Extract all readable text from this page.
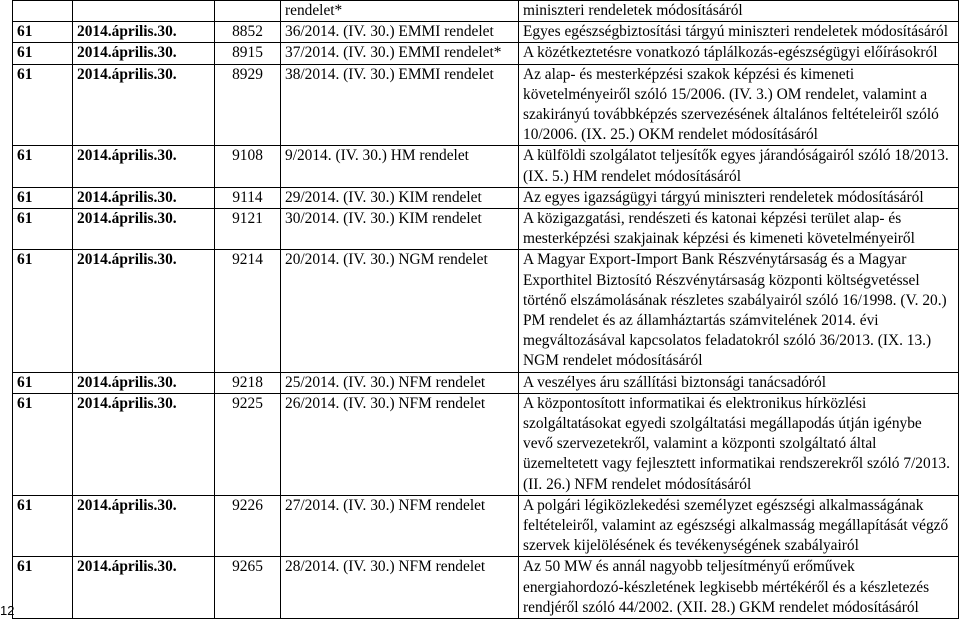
			rendelet*	miniszteri rendeletek módosításáról
61	2014.április.30.	8852	36/2014. (IV. 30.) EMMI rendelet	Egyes egészségbiztosítási tárgyú miniszteri rendeletek módosításáról
61	2014.április.30.	8915	37/2014. (IV. 30.) EMMI rendelet*	A közétkeztetésre vonatkozó táplálkozás-egészségügyi előírásokról
61	2014.április.30.	8929	38/2014. (IV. 30.) EMMI rendelet	Az alap- és mesterképzési szakok képzési és kimeneti követelményeiről szóló 15/2006. (IV. 3.) OM rendelet, valamint a szakirányú továbbképzés szervezésének általános feltételeiről szóló 10/2006. (IX. 25.) OKM rendelet módosításáról
61	2014.április.30.	9108	9/2014. (IV. 30.) HM rendelet	A külföldi szolgálatot teljesítők egyes járandóságairól szóló 18/2013. (IX. 5.) HM rendelet módosításáról
61	2014.április.30.	9114	29/2014. (IV. 30.) KIM rendelet	Az egyes igazságügyi tárgyú miniszteri rendeletek módosításáról
61	2014.április.30.	9121	30/2014. (IV. 30.) KIM rendelet	A közigazgatási, rendészeti és katonai képzési terület alap- és mesterképzési szakjainak képzési és kimeneti követelményeiről
61	2014.április.30.	9214	20/2014. (IV. 30.) NGM rendelet	A Magyar Export-Import Bank Részvénytársaság és a Magyar Exporthitel Biztosító Részvénytársaság központi költségvetéssel történő elszámolásának részletes szabályairól szóló 16/1998. (V. 20.) PM rendelet és az államháztartás számvitelének 2014. évi megváltozásával kapcsolatos feladatokról szóló 36/2013. (IX. 13.) NGM rendelet módosításáról
61	2014.április.30.	9218	25/2014. (IV. 30.) NFM rendelet	A veszélyes áru szállítási biztonsági tanácsadóról
61	2014.április.30.	9225	26/2014. (IV. 30.) NFM rendelet	A központosított informatikai és elektronikus hírközlési szolgáltatásokat egyedi szolgáltatási megállapodás útján igénybe vevő szervezetekről, valamint a központi szolgáltató által üzemeltetett vagy fejlesztett informatikai rendszerekről szóló 7/2013. (II. 26.) NFM rendelet módosításáról
61	2014.április.30.	9226	27/2014. (IV. 30.) NFM rendelet	A polgári légiközlekedési személyzet egészségi alkalmasságának feltételeiről, valamint az egészségi alkalmasság megállapítását végző szervek kijelölésének és tevékenységének szabályairól
61	2014.április.30.	9265	28/2014. (IV. 30.) NFM rendelet	Az 50 MW és annál nagyobb teljesítményű erőművek energiahordozó-készletének legkisebb mértékéről és a készletezés rendjéről szóló 44/2002. (XII. 28.) GKM rendelet módosításáról
12
